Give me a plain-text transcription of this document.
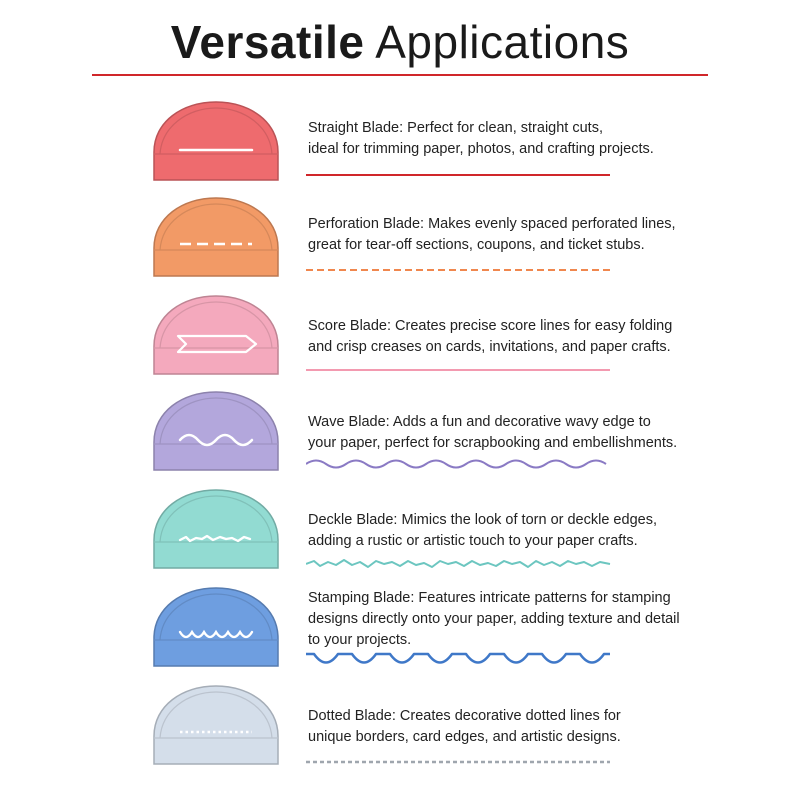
Versatile Applications
Straight Blade: Perfect for clean, straight cuts,
ideal for trimming paper, photos, and crafting projects.
Perforation Blade: Makes evenly spaced perforated lines,
great for tear-off sections, coupons, and ticket stubs.
Score Blade: Creates precise score lines for easy folding
and crisp creases on cards, invitations, and paper crafts.
Wave Blade: Adds a fun and decorative wavy edge to
your paper, perfect for scrapbooking and embellishments.
Deckle Blade: Mimics the look of torn or deckle edges,
adding a rustic or artistic touch to your paper crafts.
Stamping Blade: Features intricate patterns for stamping
designs directly onto your paper, adding texture and detail
to your projects.
Dotted Blade: Creates decorative dotted lines for
unique borders, card edges, and artistic designs.
